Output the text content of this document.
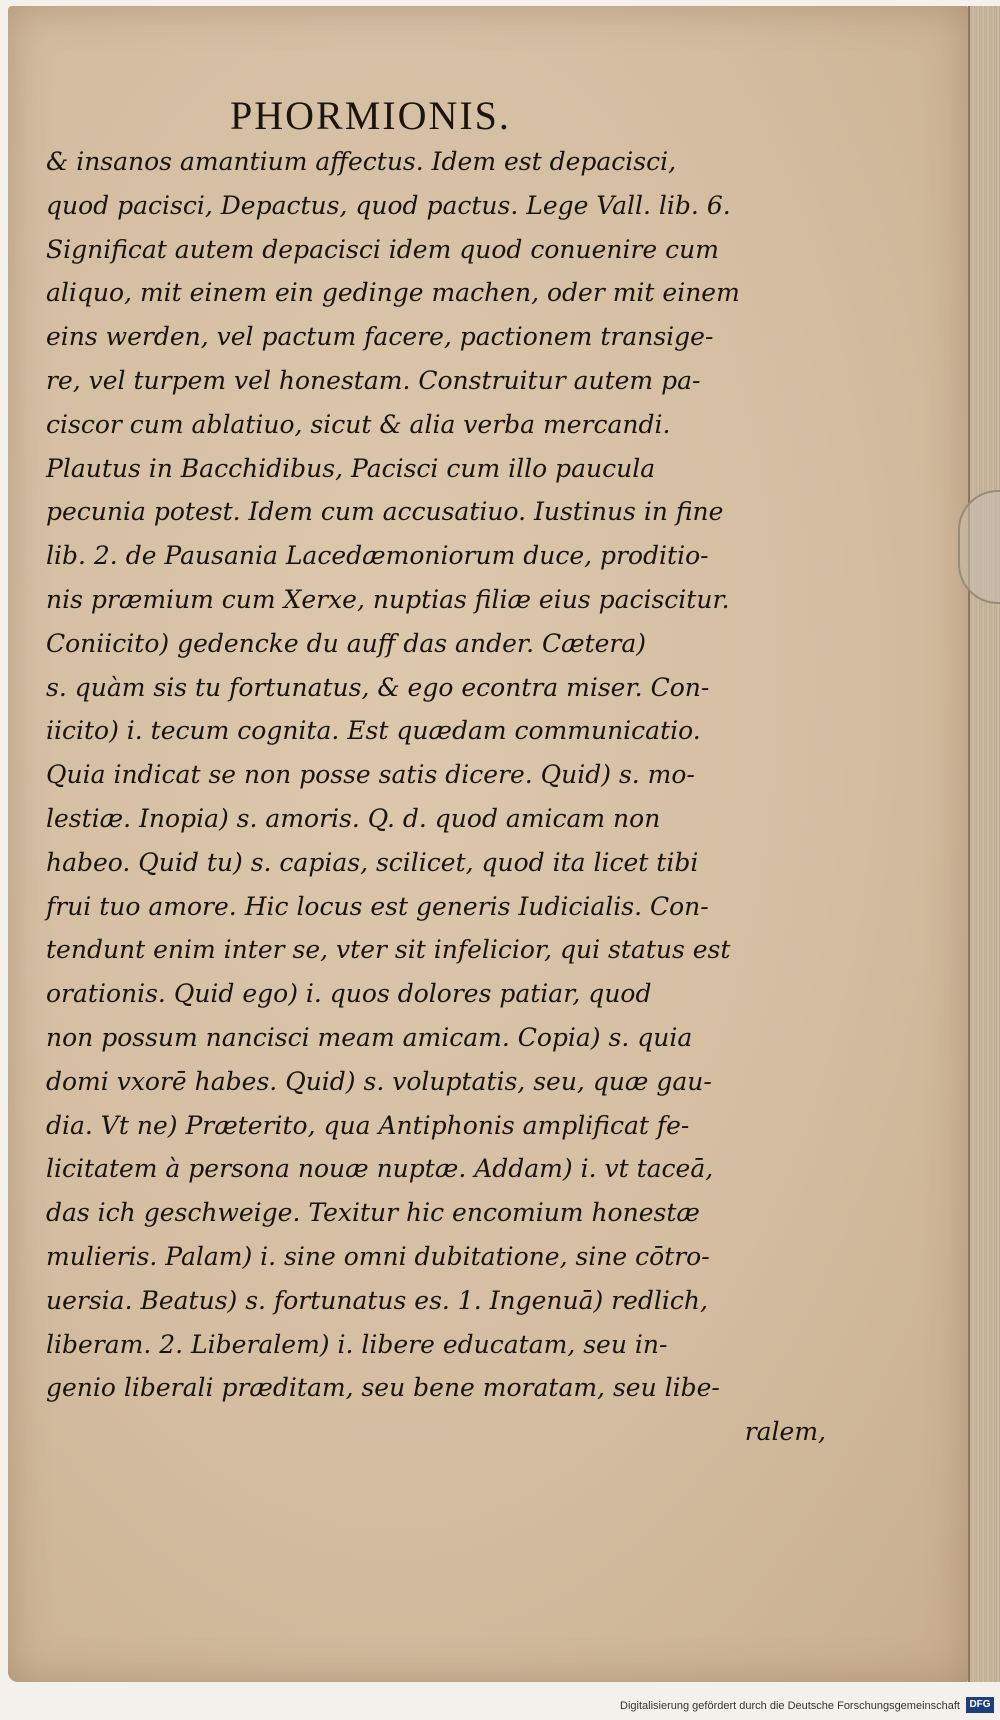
PHORMIONIS.
& insanos amantium affectus. Idem est depacisci,
quod pacisci, Depactus, quod pactus. Lege Vall. lib. 6.
Significat autem depacisci idem quod conuenire cum
aliquo, mit einem ein gedinge machen, oder mit einem
eins werden, vel pactum facere, pactionem transige-
re, vel turpem vel honestam. Construitur autem pa-
ciscor cum ablatiuo, sicut & alia verba mercandi.
Plautus in Bacchidibus, Pacisci cum illo paucula
pecunia potest. Idem cum accusatiuo. Iustinus in fine
lib. 2. de Pausania Lacedæmoniorum duce, proditio-
nis præmium cum Xerxe, nuptias filiæ eius paciscitur.
Coniicito) gedencke du auff das ander. Cætera)
s. quàm sis tu fortunatus, & ego econtra miser. Con-
iicito) i. tecum cognita. Est quædam communicatio.
Quia indicat se non posse satis dicere. Quid) s. mo-
lestiæ. Inopia) s. amoris. Q. d. quod amicam non
habeo. Quid tu) s. capias, scilicet, quod ita licet tibi
frui tuo amore. Hic locus est generis Iudicialis. Con-
tendunt enim inter se, vter sit infelicior, qui status est
orationis. Quid ego) i. quos dolores patiar, quod
non possum nancisci meam amicam. Copia) s. quia
domi vxorē habes. Quid) s. voluptatis, seu, quæ gau-
dia. Vt ne) Præterito, qua Antiphonis amplificat fe-
licitatem à persona nouæ nuptæ. Addam) i. vt taceā,
das ich geschweige. Texitur hic encomium honestæ
mulieris. Palam) i. sine omni dubitatione, sine cōtro-
uersia. Beatus) s. fortunatus es. 1. Ingenuā) redlich,
liberam. 2. Liberalem) i. libere educatam, seu in-
genio liberali præditam, seu bene moratam, seu libe-
ralem,
Digitalisierung gefördert durch die Deutsche Forschungsgemeinschaft DFG
